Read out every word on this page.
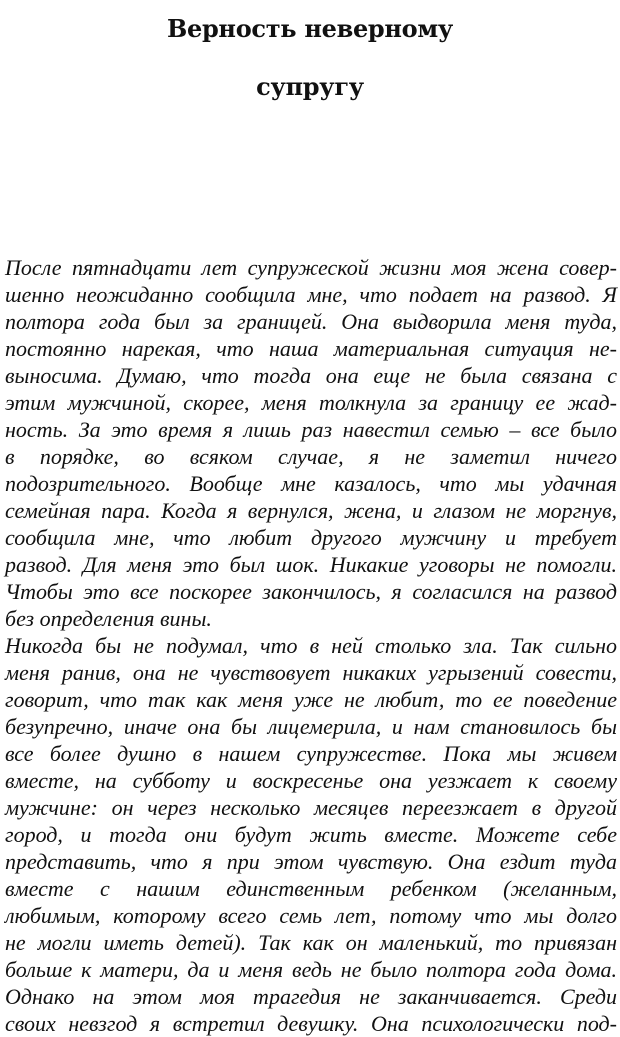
Верность неверному
супругу
После пятнадцати лет супружеской жизни моя жена совер-
шенно неожиданно сообщила мне, что подает на развод. Я
полтора года был за границей. Она выдворила меня туда,
постоянно нарекая, что наша материальная ситуация не-
выносима. Думаю, что тогда она еще не была связана с
этим мужчиной, скорее, меня толкнула за границу ее жад-
ность. За это время я лишь раз навестил семью – все было
в порядке, во всяком случае, я не заметил ничего
подозрительного. Вообще мне казалось, что мы удачная
семейная пара. Когда я вернулся, жена, и глазом не моргнув,
сообщила мне, что любит другого мужчину и требует
развод. Для меня это был шок. Никакие уговоры не помогли.
Чтобы это все поскорее закончилось, я согласился на развод
без определения вины.
Никогда бы не подумал, что в ней столько зла. Так сильно
меня ранив, она не чувствовует никаких угрызений совести,
говорит, что так как меня уже не любит, то ее поведение
безупречно, иначе она бы лицемерила, и нам становилось бы
все более душно в нашем супружестве. Пока мы живем
вместе, на субботу и воскресенье она уезжает к своему
мужчине: он через несколько месяцев переезжает в другой
город, и тогда они будут жить вместе. Можете себе
представить, что я при этом чувствую. Она ездит туда
вместе с нашим единственным ребенком (желанным,
любимым, которому всего семь лет, потому что мы долго
не могли иметь детей). Так как он маленький, то привязан
больше к матери, да и меня ведь не было полтора года дома.
Однако на этом моя трагедия не заканчивается. Среди
своих невзгод я встретил девушку. Она психологически под-
